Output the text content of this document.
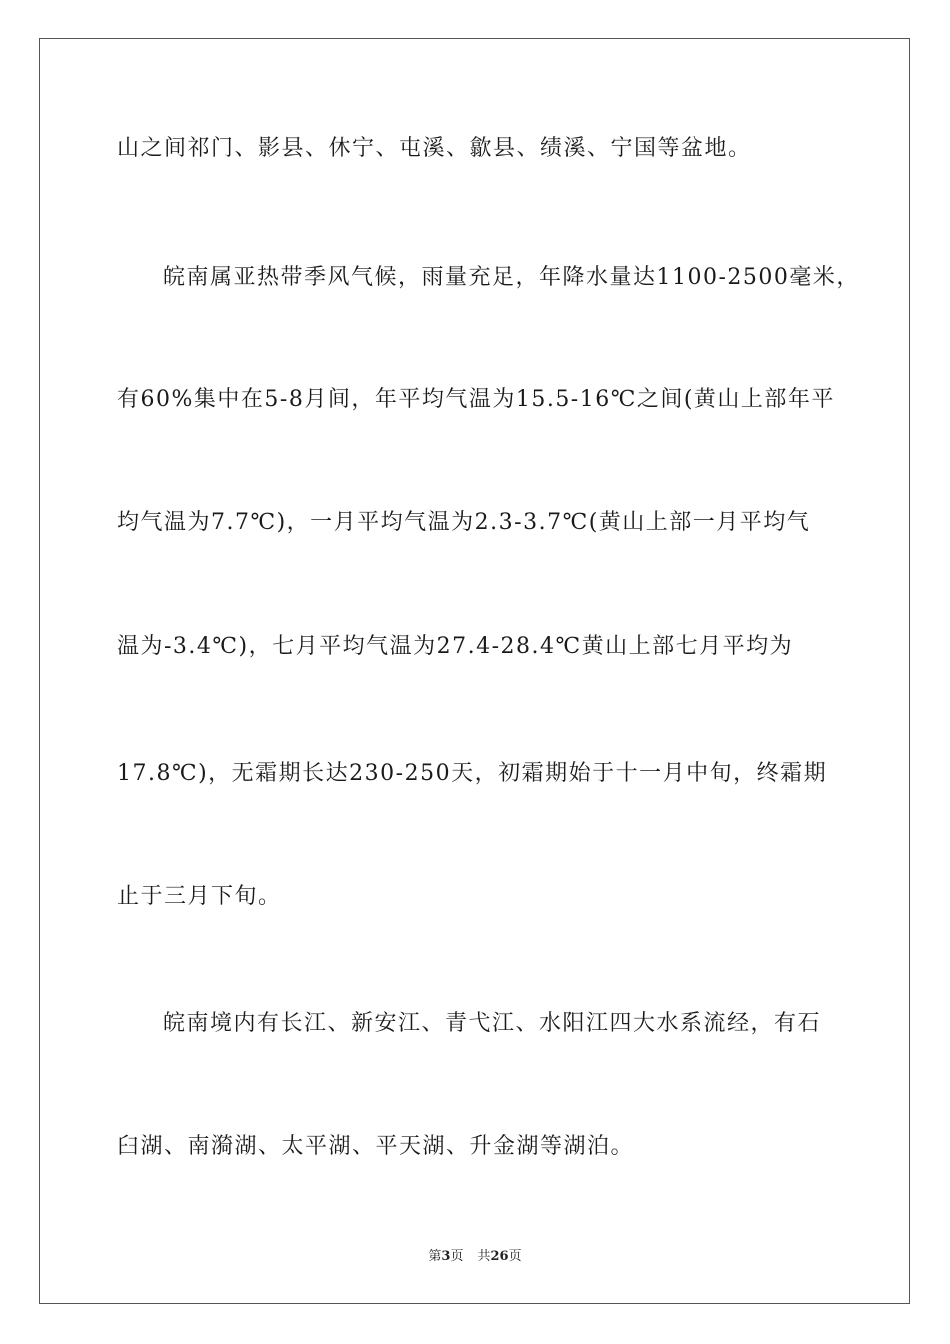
山之间祁门、影县、休宁、屯溪、歙县、绩溪、宁国等盆地。
皖南属亚热带季风气候，雨量充足，年降水量达1100-2500毫米，
有60%集中在5-8月间，年平均气温为15.5-16℃之间(黄山上部年平
均气温为7.7℃)，一月平均气温为2.3-3.7℃(黄山上部一月平均气
温为-3.4℃)，七月平均气温为27.4-28.4℃黄山上部七月平均为
17.8℃)，无霜期长达230-250天，初霜期始于十一月中旬，终霜期
止于三月下旬。
皖南境内有长江、新安江、青弋江、水阳江四大水系流经，有石
臼湖、南漪湖、太平湖、平天湖、升金湖等湖泊。
第3页 共26页
